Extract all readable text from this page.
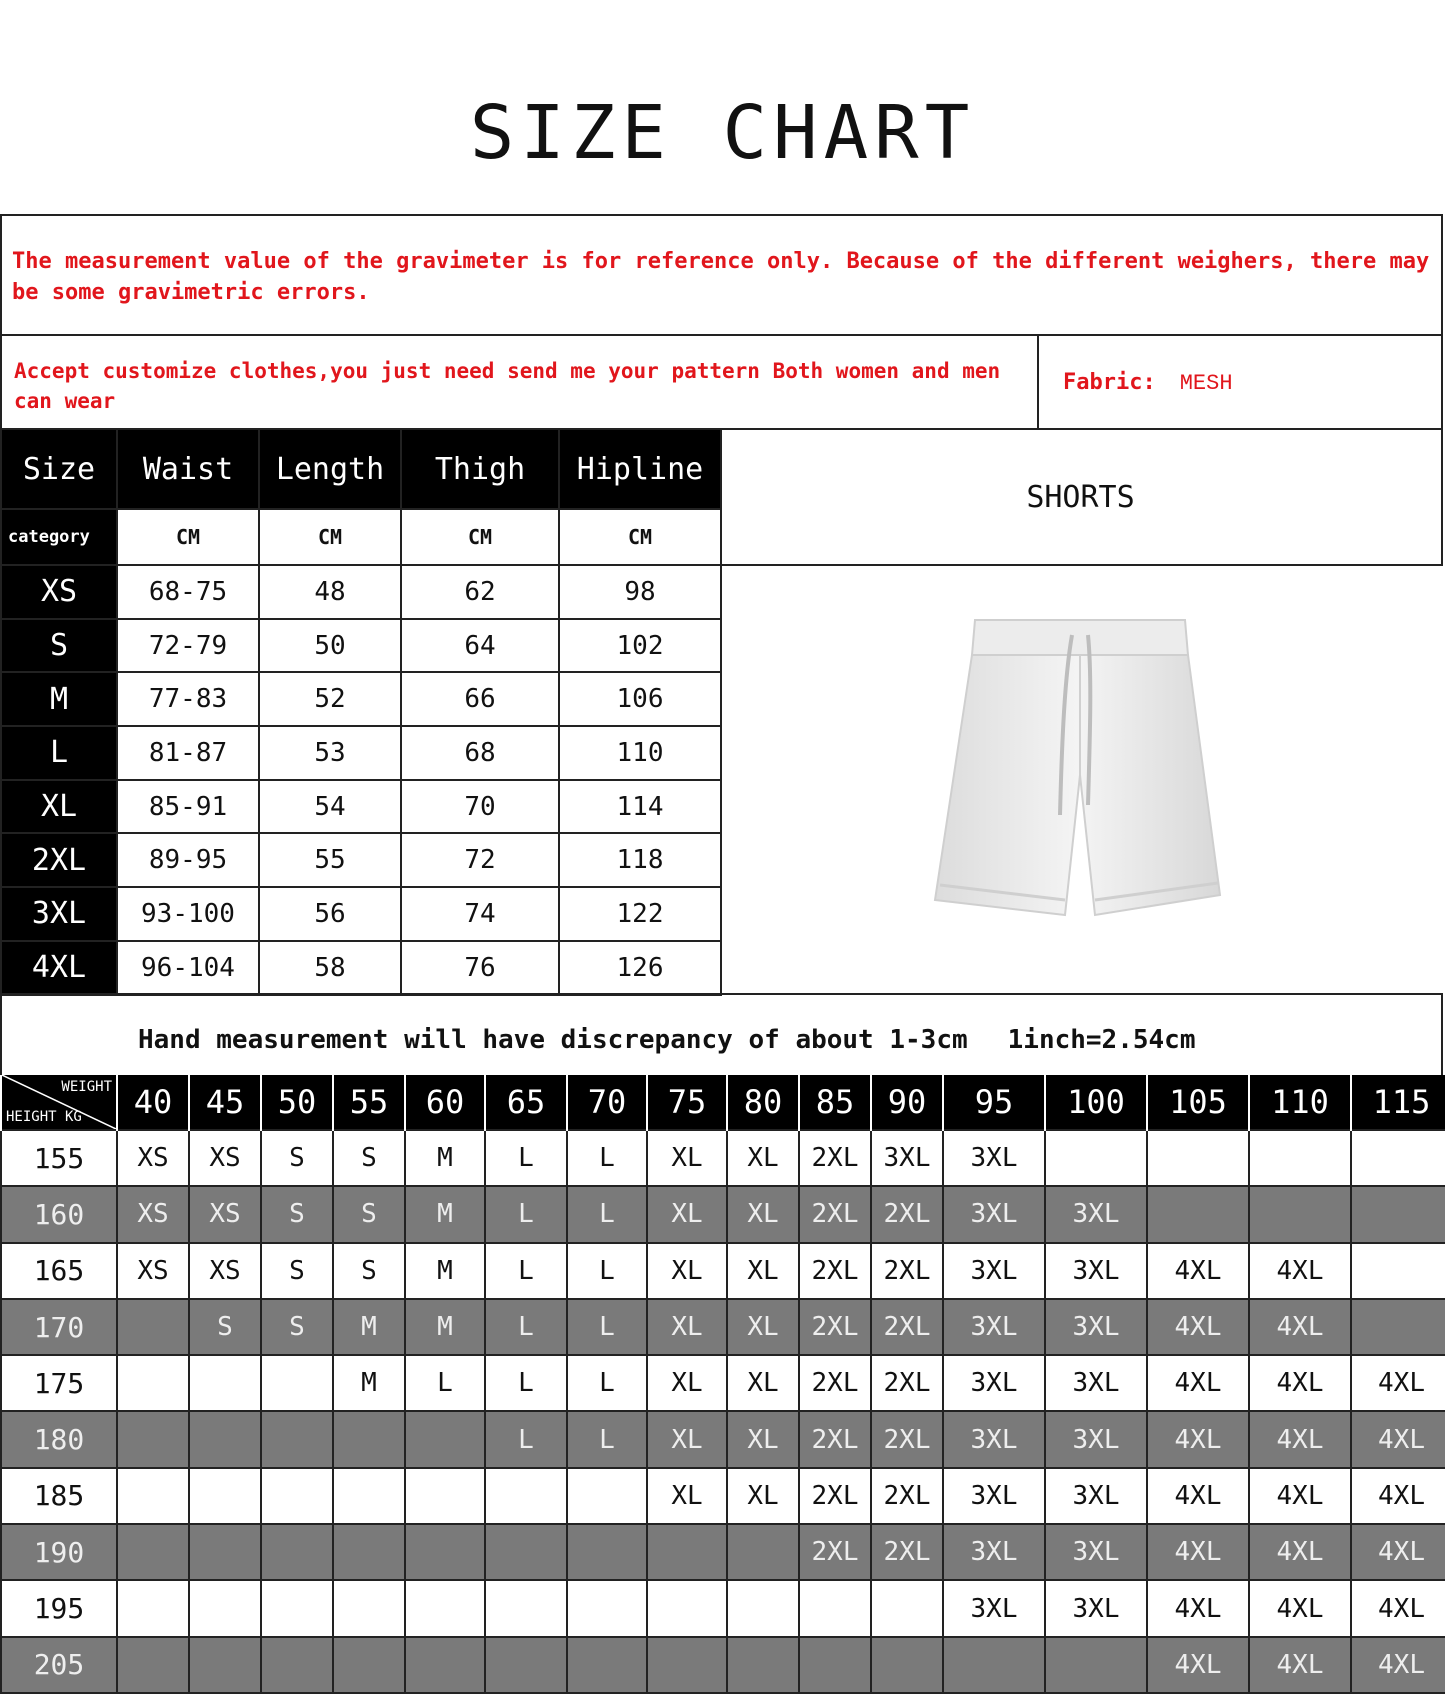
SIZE CHART
The measurement value of the gravimeter is for reference only. Because of the different weighers, there may be some gravimetric errors.
Accept customize clothes,you just need send me your pattern Both women and men can wear
Fabric: MESH
Size	Waist	Length	Thigh	Hipline
category	CM	CM	CM	CM
XS	68-75	48	62	98
S	72-79	50	64	102
M	77-83	52	66	106
L	81-87	53	68	110
XL	85-91	54	70	114
2XL	89-95	55	72	118
3XL	93-100	56	74	122
4XL	96-104	58	76	126
SHORTS
Hand measurement will have discrepancy of about 1-3cm 1inch=2.54cm
WEIGHT
HEIGHT KG	40	45	50	55	60	65	70	75	80	85	90	95	100	105	110	115
155	XS	XS	S	S	M	L	L	XL	XL	2XL	3XL	3XL				
160	XS	XS	S	S	M	L	L	XL	XL	2XL	2XL	3XL	3XL			
165	XS	XS	S	S	M	L	L	XL	XL	2XL	2XL	3XL	3XL	4XL	4XL	
170		S	S	M	M	L	L	XL	XL	2XL	2XL	3XL	3XL	4XL	4XL	
175				M	L	L	L	XL	XL	2XL	2XL	3XL	3XL	4XL	4XL	4XL
180						L	L	XL	XL	2XL	2XL	3XL	3XL	4XL	4XL	4XL
185								XL	XL	2XL	2XL	3XL	3XL	4XL	4XL	4XL
190										2XL	2XL	3XL	3XL	4XL	4XL	4XL
195												3XL	3XL	4XL	4XL	4XL
205														4XL	4XL	4XL
